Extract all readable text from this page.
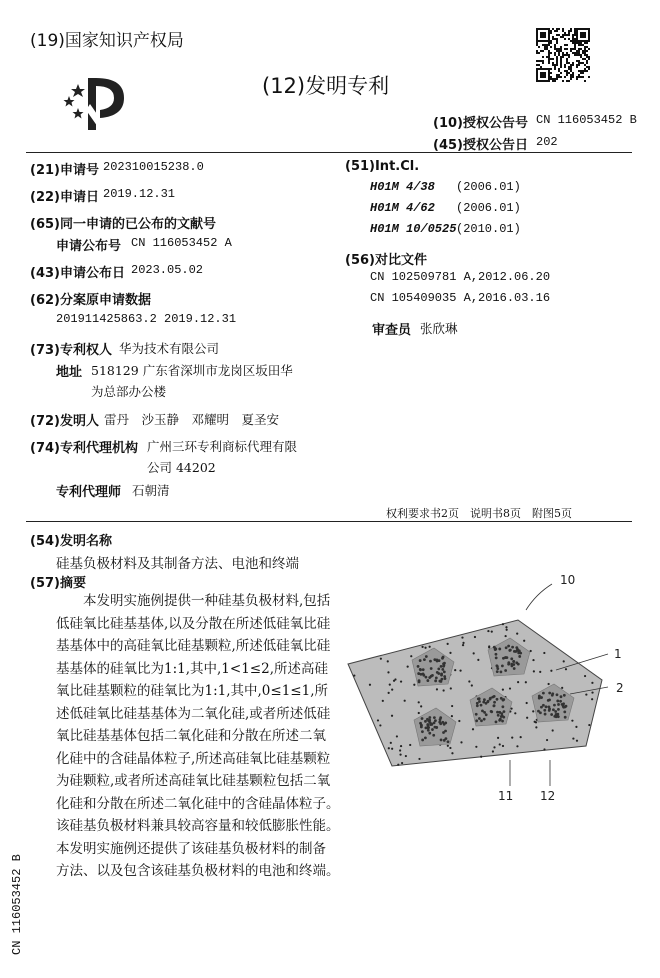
(19)国家知识产权局
(12)发明专利
(10)授权公告号 CN 116053452 B
(45)授权公告日 202
(21)申请号 202310015238.0
(22)申请日 2019.12.31
(65)同一申请的已公布的文献号
申请公布号 CN 116053452 A
(43)申请公布日 2023.05.02
(62)分案原申请数据
201911425863.2 2019.12.31
(73)专利权人 华为技术有限公司
地址 518129 广东省深圳市龙岗区坂田华
为总部办公楼
(72)发明人 雷丹　沙玉静　邓耀明　夏圣安
(74)专利代理机构 广州三环专利商标代理有限
公司 44202
专利代理师 石朝清
(51)Int.Cl.
H01M 4/38 (2006.01)
H01M 4/62 (2006.01)
H01M 10/0525 (2010.01)
(56)对比文件
CN 102509781 A,2012.06.20
CN 105409035 A,2016.03.16
审查员 张欣琳
权利要求书2页　说明书8页　附图5页
(54)发明名称
硅基负极材料及其制备方法、电池和终端
(57)摘要
　　本发明实施例提供一种硅基负极材料,包括
低硅氧比硅基基体,以及分散在所述低硅氧比硅
基基体中的高硅氧比硅基颗粒,所述低硅氧比硅
基基体的硅氧比为1:1,其中,1<1≤2,所述高硅
氧比硅基颗粒的硅氧比为1:1,其中,0≤1≤1,所
述低硅氧比硅基基体为二氧化硅,或者所述低硅
氧比硅基基体包括二氧化硅和分散在所述二氧
化硅中的含硅晶体粒子,所述高硅氧比硅基颗粒
为硅颗粒,或者所述高硅氧比硅基颗粒包括二氧
化硅和分散在所述二氧化硅中的含硅晶体粒子。
该硅基负极材料兼具较高容量和较低膨胀性能。
本发明实施例还提供了该硅基负极材料的制备
方法、以及包含该硅基负极材料的电池和终端。
10
1
2
11 12
CN 116053452 B
